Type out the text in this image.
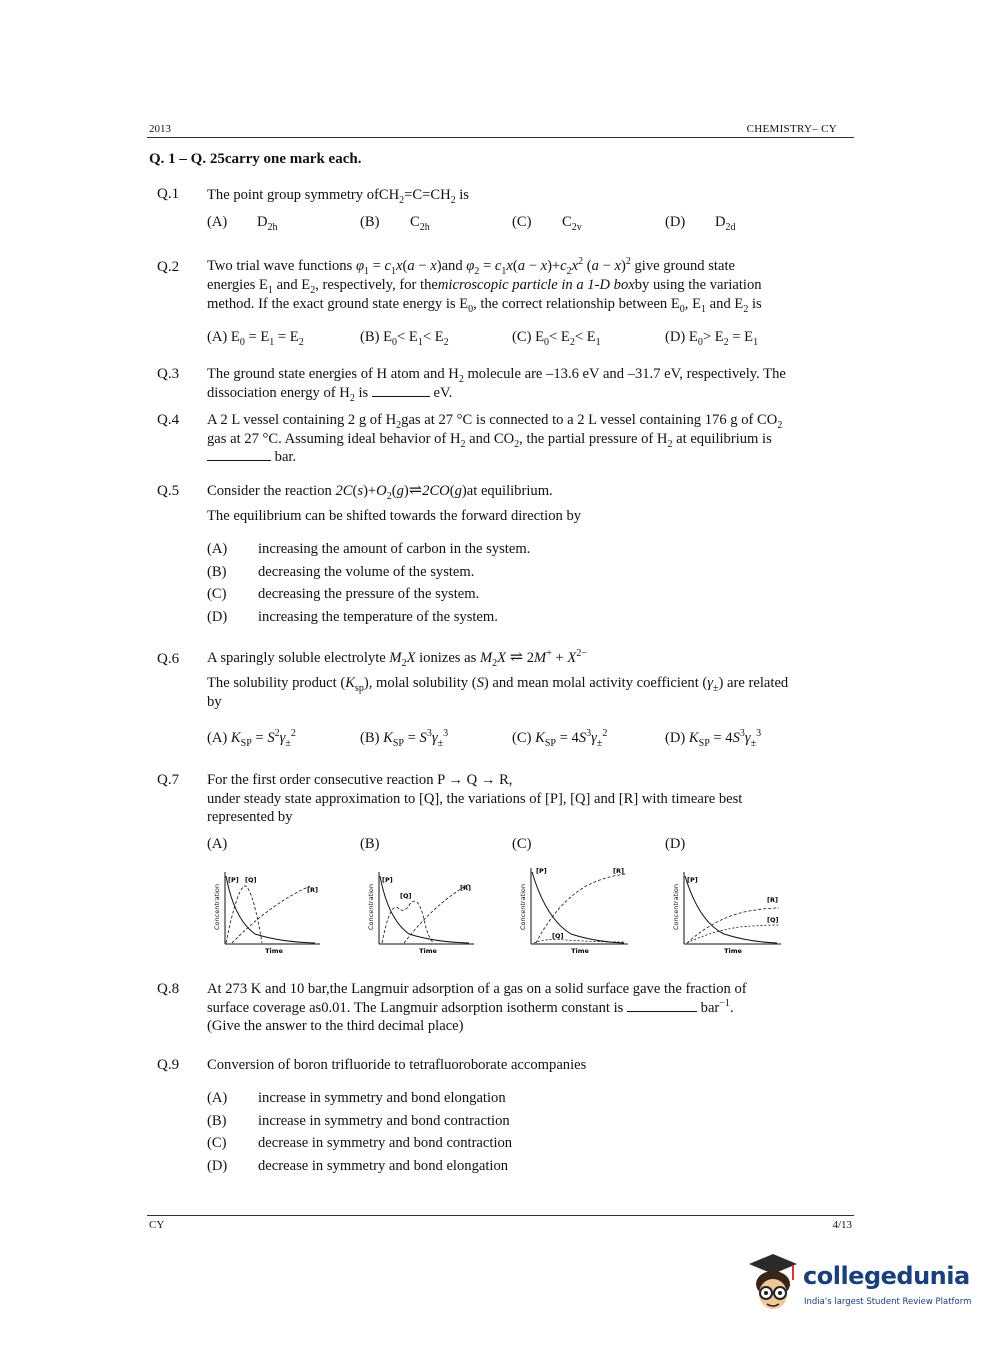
2013	CHEMISTRY– CY
Q. 1 – Q. 25carry one mark each.
Q.1 The point group symmetry $ofCH_2=C=CH_2$ is
(A) $D_{2h}$	(B) $C_{2h}$	(C) $C_{2v}$	(D) $D_{2d}$
Q.2 Two trial wave functions $\varphi_1 = c_1x(a - x)and$ $\varphi_2 = c_1x(a - x)+c_2x^2$ $(a - x)^2$ give ground state
energies $E_1$ and $E_2$, respectively, for themicroscopic particle in a 1-D boxby using the variation
method. If the exact ground state energy is $E_0$, the correct relationship between $E_0$, $E_1$ and $E_2$ is
(A) $E_0 = E_1 = E_2$	(B) $E_0< E_1< E_2$	(C) $E_0< E_2< E_1$	(D) $E_0> E_2 = E_1$
Q.3 The ground state energies of H atom and $H_2$ molecule are –13.6 eV and –31.7 eV, respectively. The
dissociation energy of $H_2$ is	eV.
Q.4 A 2 L vessel containing 2 g of $H_2gas$ at 27 °C is connected to a 2 L vessel containing 176 g of $CO_2$
gas at 27 °C. Assuming ideal behavior of $H_2$ and $CO_2$, the partial pressure of $H_2$ at equilibrium is
bar.
Q.5 Consider the reaction $2C(s)+O_2(g)\rightleftharpoons 2CO(g)at$ equilibrium.
The equilibrium can be shifted towards the forward direction by
(A) increasing the amount of carbon in the system.
(B) decreasing the volume of the system.
(C) decreasing the pressure of the system.
(D) increasing the temperature of the system.
Q.6 A sparingly soluble electrolyte $M_2X$ ionizes as $M_2X$ ⇌ $2M^+ + X^{2-}$
The solubility product $(K_{sp})$, molal solubility (S) and mean molal activity coefficient $(\gamma_\pm)$ are related
by
(A) $K_{SP} = S^2\gamma_\pm^2$	(B) $K_{SP} = S^3\gamma_\pm^3$	(C) $K_{SP} = 4S^3\gamma_\pm^2$	(D) $K_{SP} = 4S^3\gamma_\pm^3$
Q.7 For the first order consecutive reaction P → Q → R,
under steady state approximation to [Q], the variations of [P], [Q] and [R] with timeare best
represented by
(A)	(B)	(C)	(D)
Concentration
[P] [Q]
[R]
Time
Concentration
[P]
[Q]
[R]
Time
Concentration
[P]	[R]
[Q]
Time
Concentration
[P]
[R]
[Q]
Time
Q.8 At 273 K and 10 bar,the Langmuir adsorption of a gas on a solid surface gave the fraction of
surface coverage as0.01. The Langmuir adsorption isotherm constant is	bar$^{-1}$.
(Give the answer to the third decimal place)
Q.9 Conversion of boron trifluoride to tetrafluoroborate accompanies
(A) increase in symmetry and bond elongation
(B) increase in symmetry and bond contraction
(C) decrease in symmetry and bond contraction
(D) decrease in symmetry and bond elongation
CY	4/13
collegedunia
India's largest Student Review Platform
